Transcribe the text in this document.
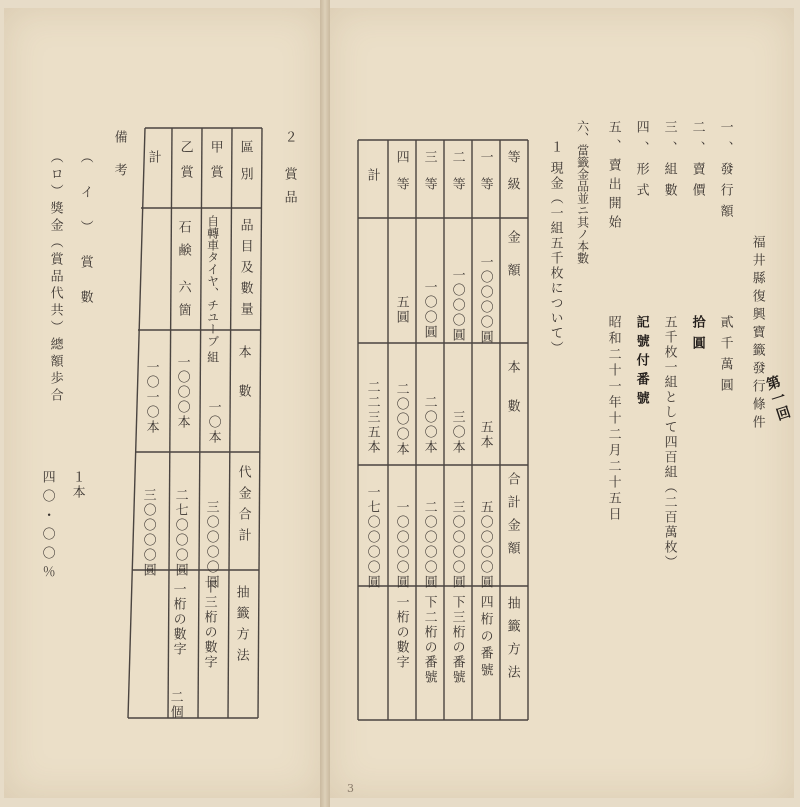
福井縣復興寶籤發行條件
第一回
一、發行額
貳千萬圓
二、賣價
拾圓
三、組數
五千枚一組として四百組（二百萬枚）
四、形式
記號付番號
五、賣出開始
昭和二十一年十二月二十五日
六、當籤金品並ニ其ノ本數
１ 現金（一組五千枚について）
等級
金額
本數
合計金額
抽籤方法
一等
一〇〇〇〇圓
五本
五〇〇〇〇圓
四桁の番號
二等
一〇〇〇圓
三〇本
三〇〇〇〇圓
下三桁の番號
三等
一〇〇圓
二〇〇本
二〇〇〇〇圓
下二桁の番號
四等
五圓
二〇〇〇本
一〇〇〇〇圓
一桁の數字
計
二二三五本
一七〇〇〇〇圓
２ 賞品
區別
品目及數量
本數
代金合計
抽籤方法
甲賞
自轉車タイヤ、チユーブ 組
一〇本
三〇〇〇〇圓
下三桁の數字
乙賞
石鹸 六箇
一〇〇〇本
二七〇〇〇圓
一桁の數字
計
一〇一〇本
三〇〇〇〇圓
二個
備考
（イ）賞數
（ロ）獎金（賞品代共）總額歩合
１本
四〇・〇〇％
3
